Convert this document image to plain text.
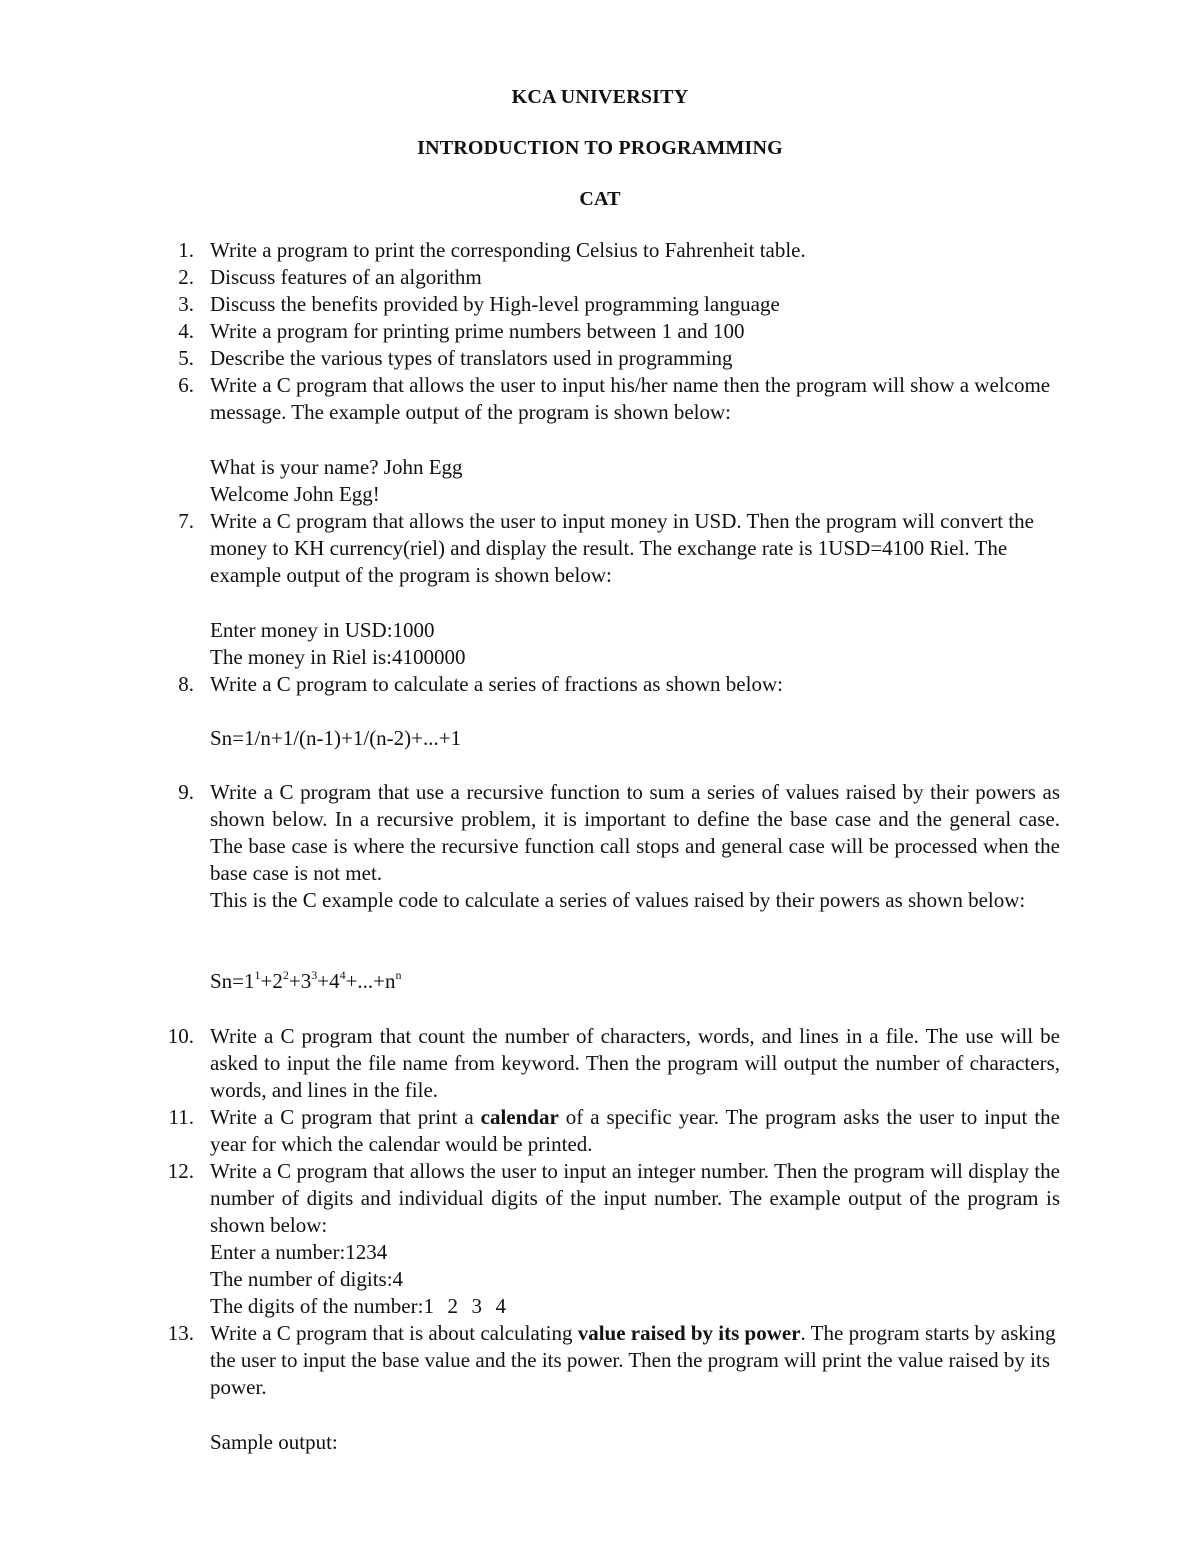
KCA UNIVERSITY
INTRODUCTION TO PROGRAMMING
CAT
1. Write a program to print the corresponding Celsius to Fahrenheit table.
2. Discuss features of an algorithm
3. Discuss the benefits provided by High-level programming language
4. Write a program for printing prime numbers between 1 and 100
5. Describe the various types of translators used in programming
6. Write a C program that allows the user to input his/her name then the program will show a welcome message. The example output of the program is shown below:
What is your name? John Egg
Welcome John Egg!
7. Write a C program that allows the user to input money in USD. Then the program will convert the money to KH currency(riel) and display the result. The exchange rate is 1USD=4100 Riel. The example output of the program is shown below:
Enter money in USD:1000
The money in Riel is:4100000
8. Write a C program to calculate a series of fractions as shown below:
Sn=1/n+1/(n-1)+1/(n-2)+...+1
9. Write a C program that use a recursive function to sum a series of values raised by their powers as shown below. In a recursive problem, it is important to define the base case and the general case. The base case is where the recursive function call stops and general case will be processed when the base case is not met.
This is the C example code to calculate a series of values raised by their powers as shown below:
$Sn=1^1+2^2+3^3+4^4+...+n^n$
10. Write a C program that count the number of characters, words, and lines in a file. The use will be asked to input the file name from keyword. Then the program will output the number of characters, words, and lines in the file.
11. Write a C program that print a calendar of a specific year. The program asks the user to input the year for which the calendar would be printed.
12. Write a C program that allows the user to input an integer number. Then the program will display the number of digits and individual digits of the input number. The example output of the program is shown below:
Enter a number:1234
The number of digits:4
The digits of the number:1 2 3 4
13. Write a C program that is about calculating value raised by its power. The program starts by asking the user to input the base value and the its power. Then the program will print the value raised by its power.
Sample output:
